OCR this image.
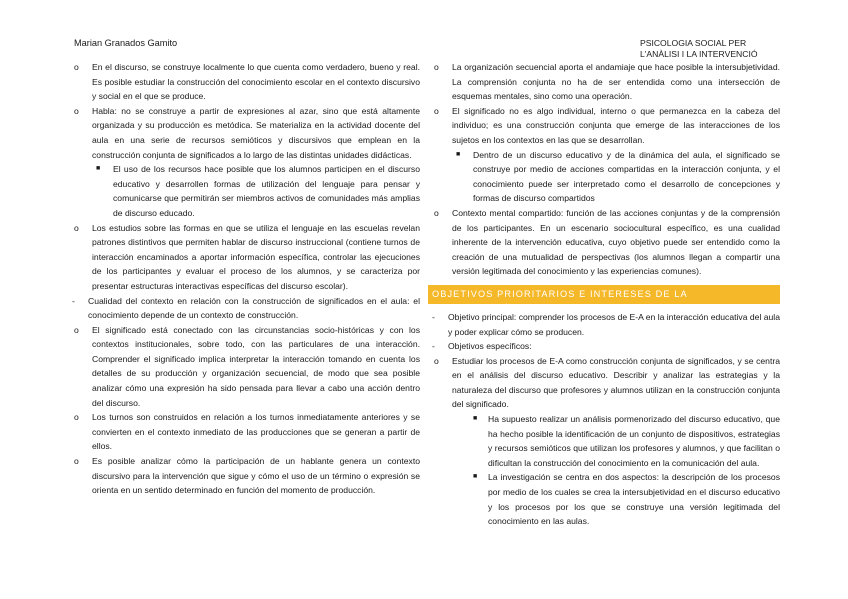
Marian Granados Gamito	PSICOLOGIA SOCIAL PER
L'ANÀLISI I LA INTERVENCIÓ
o En el discurso, se construye localmente lo que cuenta como verdadero, bueno y real. Es posible estudiar la construcción del conocimiento escolar en el contexto discursivo y social en el que se produce.
o Habla: no se construye a partir de expresiones al azar, sino que está altamente organizada y su producción es metódica. Se materializa en la actividad docente del aula en una serie de recursos semióticos y discursivos que emplean en la construcción conjunta de significados a lo largo de las distintas unidades didácticas.
■ El uso de los recursos hace posible que los alumnos participen en el discurso educativo y desarrollen formas de utilización del lenguaje para pensar y comunicarse que permitirán ser miembros activos de comunidades más amplias de discurso educado.
o Los estudios sobre las formas en que se utiliza el lenguaje en las escuelas revelan patrones distintivos que permiten hablar de discurso instruccional (contiene turnos de interacción encaminados a aportar información específica, controlar las ejecuciones de los participantes y evaluar el proceso de los alumnos, y se caracteriza por presentar estructuras interactivas específicas del discurso escolar).
- Cualidad del contexto en relación con la construcción de significados en el aula: el conocimiento depende de un contexto de construcción.
o El significado está conectado con las circunstancias socio-históricas y con los contextos institucionales, sobre todo, con las particulares de una interacción. Comprender el significado implica interpretar la interacción tomando en cuenta los detalles de su producción y organización secuencial, de modo que sea posible analizar cómo una expresión ha sido pensada para llevar a cabo una acción dentro del discurso.
o Los turnos son construidos en relación a los turnos inmediatamente anteriores y se convierten en el contexto inmediato de las producciones que se generan a partir de ellos.
o Es posible analizar cómo la participación de un hablante genera un contexto discursivo para la intervención que sigue y cómo el uso de un término o expresión se orienta en un sentido determinado en función del momento de producción.
o La organización secuencial aporta el andamiaje que hace posible la intersubjetividad. La comprensión conjunta no ha de ser entendida como una intersección de esquemas mentales, sino como una operación.
o El significado no es algo individual, interno o que permanezca en la cabeza del individuo; es una construcción conjunta que emerge de las interacciones de los sujetos en los contextos en las que se desarrollan.
■ Dentro de un discurso educativo y de la dinámica del aula, el significado se construye por medio de acciones compartidas en la interacción conjunta, y el conocimiento puede ser interpretado como el desarrollo de concepciones y formas de discurso compartidos
o Contexto mental compartido: función de las acciones conjuntas y de la comprensión de los participantes. En un escenario sociocultural específico, es una cualidad inherente de la intervención educativa, cuyo objetivo puede ser entendido como la creación de una mutualidad de perspectivas (los alumnos llegan a compartir una versión legitimada del conocimiento y las experiencias comunes).
OBJETIVOS PRIORITARIOS E INTERESES DE LA INVESTIGACIÓN
- Objetivo principal: comprender los procesos de E-A en la interacción educativa del aula y poder explicar cómo se producen.
- Objetivos específicos:
o Estudiar los procesos de E-A como construcción conjunta de significados, y se centra en el análisis del discurso educativo. Describir y analizar las estrategias y la naturaleza del discurso que profesores y alumnos utilizan en la construcción conjunta del significado.
■ Ha supuesto realizar un análisis pormenorizado del discurso educativo, que ha hecho posible la identificación de un conjunto de dispositivos, estrategias y recursos semióticos que utilizan los profesores y alumnos, y que facilitan o dificultan la construcción del conocimiento en la comunicación del aula.
■ La investigación se centra en dos aspectos: la descripción de los procesos por medio de los cuales se crea la intersubjetividad en el discurso educativo y los procesos por los que se construye una versión legitimada del conocimiento en las aulas.
